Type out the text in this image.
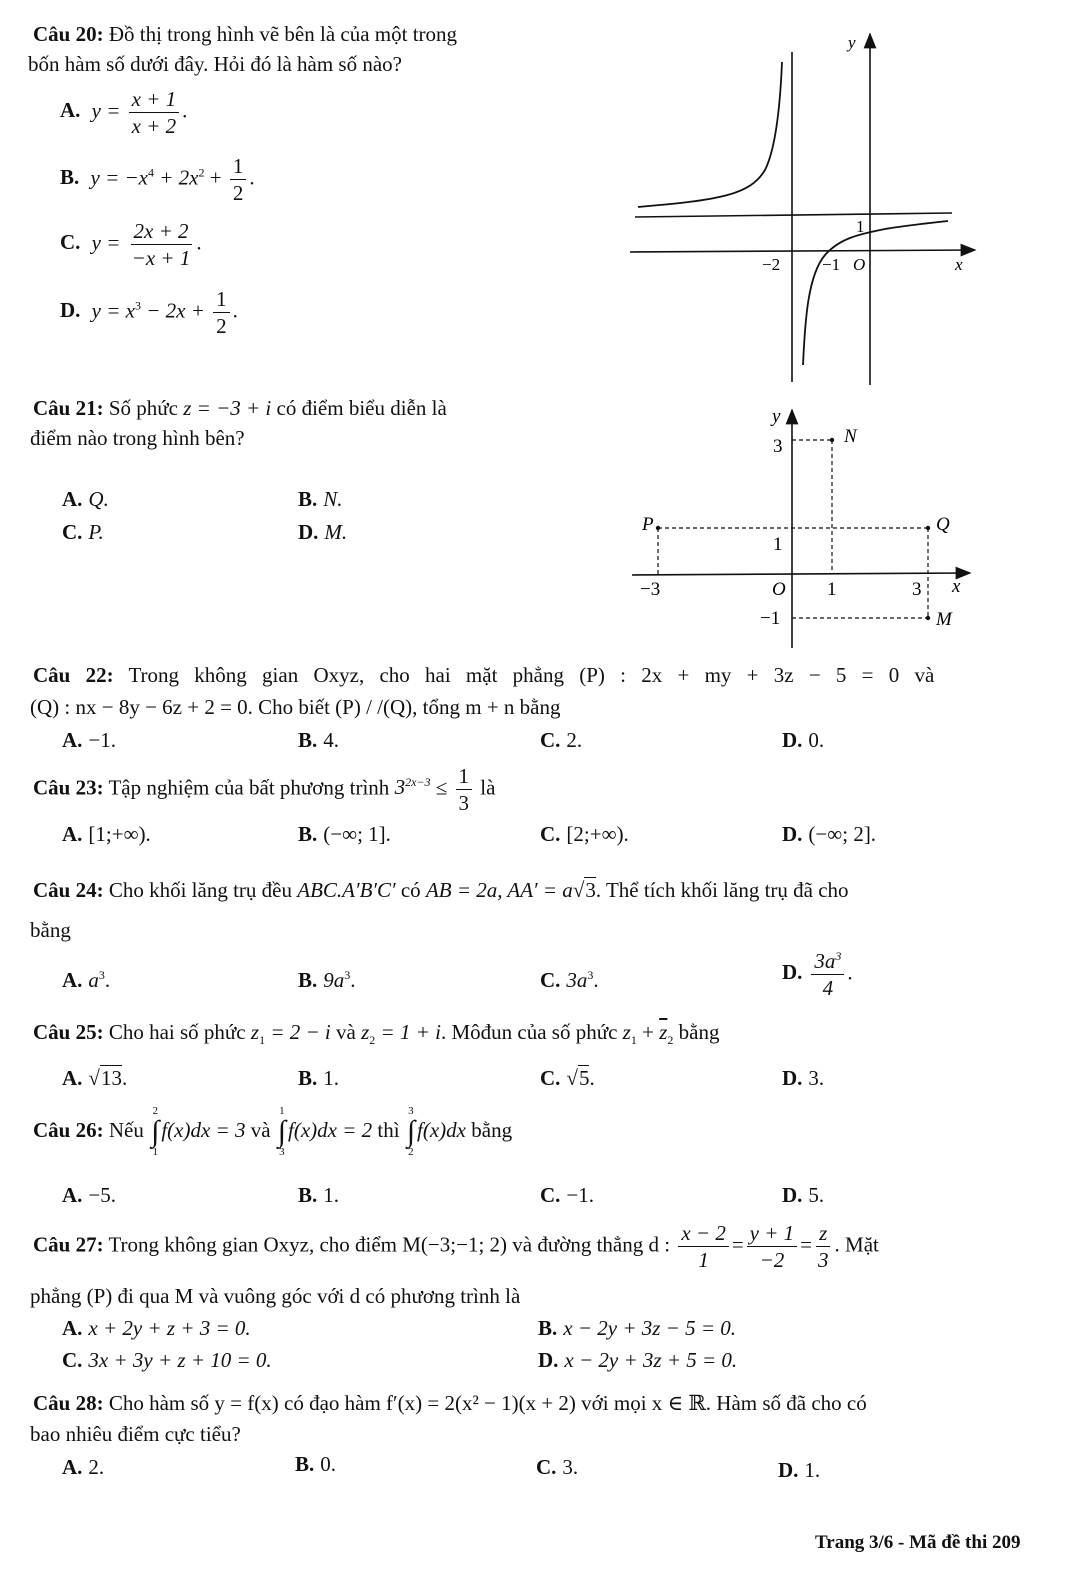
Câu 20: Đồ thị trong hình vẽ bên là của một trong
bốn hàm số dưới đây. Hỏi đó là hàm số nào?
A. $y = \frac{x + 1}{x + 2}$ .
B. $y = -x^4 + 2x^2 + \frac{1}{2}$ .
C. $y = \frac{2x + 2}{-x + 1}$ .
D. $y = x^3 - 2x + \frac{1}{2}$ .
y
x
−2 −1 O
1
Câu 21: Số phức z = −3 + i có điểm biểu diễn là
điểm nào trong hình bên?
A. Q.	B. N.
C. P.	D. M.
y
x
O
−3	1	3
3
1
−1
N
P	Q
M
Câu 22: Trong không gian Oxyz, cho hai mặt phẳng (P) : 2x + my + 3z − 5 = 0 và
(Q) : nx − 8y − 6z + 2 = 0. Cho biết (P) / /(Q), tổng m + n bằng
A. −1.	B. 4.	C. 2.	D. 0.
Câu 23: Tập nghiệm của bất phương trình $3^{2x-3} \le \frac{1}{3}$ là
A. [1;+∞).	B. (−∞; 1].	C. [2;+∞).	D. (−∞; 2].
Câu 24: Cho khối lăng trụ đều ABC.A′B′C′ có AB = 2a, AA′ = a√3. Thể tích khối lăng trụ đã cho
bằng
A. $a^3$.	B. $9a^3$.	C. $3a^3$.	D. $\frac{3a^3}{4}$ .
Câu 25: Cho hai số phức $z_1 = 2 - i$ và $z_2 = 1 + i$. Môđun của số phức $z_1 + \overline{z}_2$ bằng
A. √13.	B. 1.	C. √5.	D. 3.
Câu 26: Nếu
2
∫
1
f(x)dx = 3 và
1
∫
3
f(x)dx = 2 thì
3
∫
2
f(x)dx bằng
A. −5.	B. 1.	C. −1.	D. 5.
Câu 27: Trong không gian Oxyz, cho điểm M(−3;−1; 2) và đường thẳng d : $\frac{x - 2}{1} = \frac{y + 1}{-2} = \frac{z}{3}$ . Mặt
phẳng (P) đi qua M và vuông góc với d có phương trình là
A. x + 2y + z + 3 = 0.	B. x − 2y + 3z − 5 = 0.
C. 3x + 3y + z + 10 = 0.	D. x − 2y + 3z + 5 = 0.
Câu 28: Cho hàm số y = f(x) có đạo hàm f′(x) = 2(x² − 1)(x + 2) với mọi x ∈ ℝ. Hàm số đã cho có
bao nhiêu điểm cực tiểu?
A. 2.	B. 0.	C. 3.	D. 1.
Trang 3/6 - Mã đề thi 209
